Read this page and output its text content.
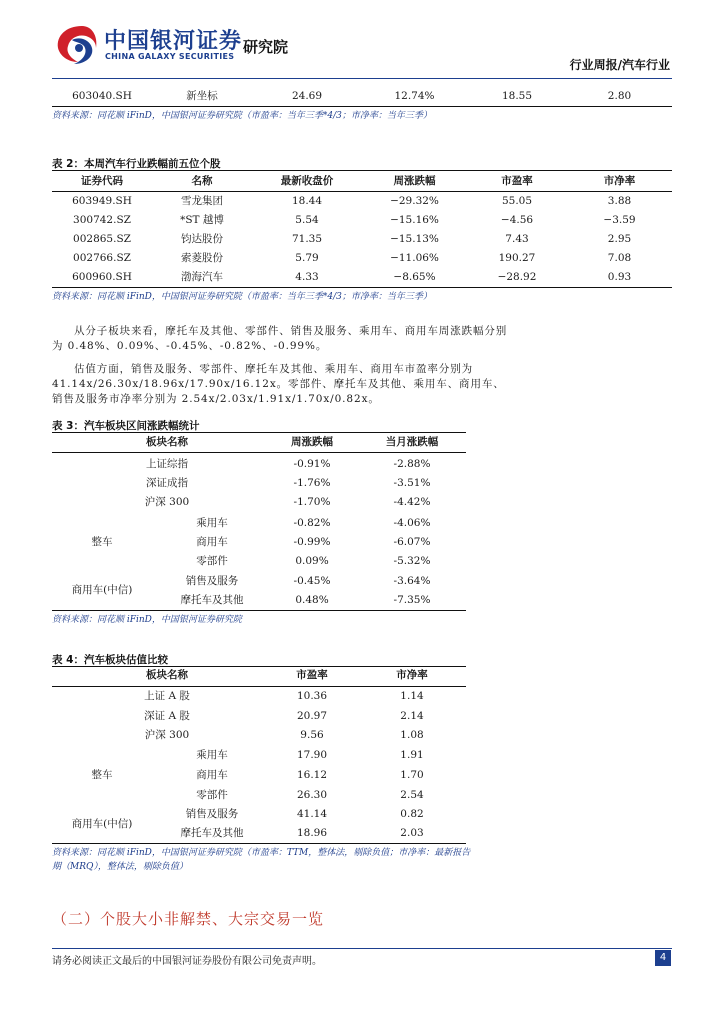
中国银河证券
CHINA GALAXY SECURITIES
研究院
行业周报/汽车行业
603040.SH	新坐标	24.69	12.74%	18.55	2.80
资料来源：同花顺 iFinD，中国银河证券研究院（市盈率：当年三季*4/3；市净率：当年三季）
表 2：本周汽车行业跌幅前五位个股
证券代码	名称	最新收盘价	周涨跌幅	市盈率	市净率
603949.SH	雪龙集团	18.44	−29.32%	55.05	3.88
300742.SZ	*ST 越博	5.54	−15.16%	−4.56	−3.59
002865.SZ	钧达股份	71.35	−15.13%	7.43	2.95
002766.SZ	索菱股份	5.79	−11.06%	190.27	7.08
600960.SH	渤海汽车	4.33	−8.65%	−28.92	0.93
资料来源：同花顺 iFinD，中国银河证券研究院（市盈率：当年三季*4/3；市净率：当年三季）
从分子板块来看，摩托车及其他、零部件、销售及服务、乘用车、商用车周涨跌幅分别为 0.48%、0.09%、-0.45%、-0.82%、-0.99%。
估值方面，销售及服务、零部件、摩托车及其他、乘用车、商用车市盈率分别为 41.14x/26.30x/18.96x/17.90x/16.12x。零部件、摩托车及其他、乘用车、商用车、销售及服务市净率分别为 2.54x/2.03x/1.91x/1.70x/0.82x。
表 3：汽车板块区间涨跌幅统计
板块名称	周涨跌幅	当月涨跌幅
上证综指	-0.91%	-2.88%
深证成指	-1.76%	-3.51%
沪深 300	-1.70%	-4.42%
整车
乘用车	-0.82%	-4.06%
商用车	-0.99%	-6.07%
零部件	0.09%	-5.32%
商用车(中信)
销售及服务	-0.45%	-3.64%
摩托车及其他	0.48%	-7.35%
资料来源：同花顺 iFinD，中国银河证券研究院
表 4：汽车板块估值比较
板块名称	市盈率	市净率
上证 A 股	10.36	1.14
深证 A 股	20.97	2.14
沪深 300	9.56	1.08
整车
乘用车	17.90	1.91
商用车	16.12	1.70
零部件	26.30	2.54
商用车(中信)
销售及服务	41.14	0.82
摩托车及其他	18.96	2.03
资料来源：同花顺 iFinD，中国银河证券研究院（市盈率：TTM，整体法，剔除负值；市净率：最新报告
期（MRQ），整体法，剔除负值）
（二）个股大小非解禁、大宗交易一览
请务必阅读正文最后的中国银河证券股份有限公司免责声明。	4
